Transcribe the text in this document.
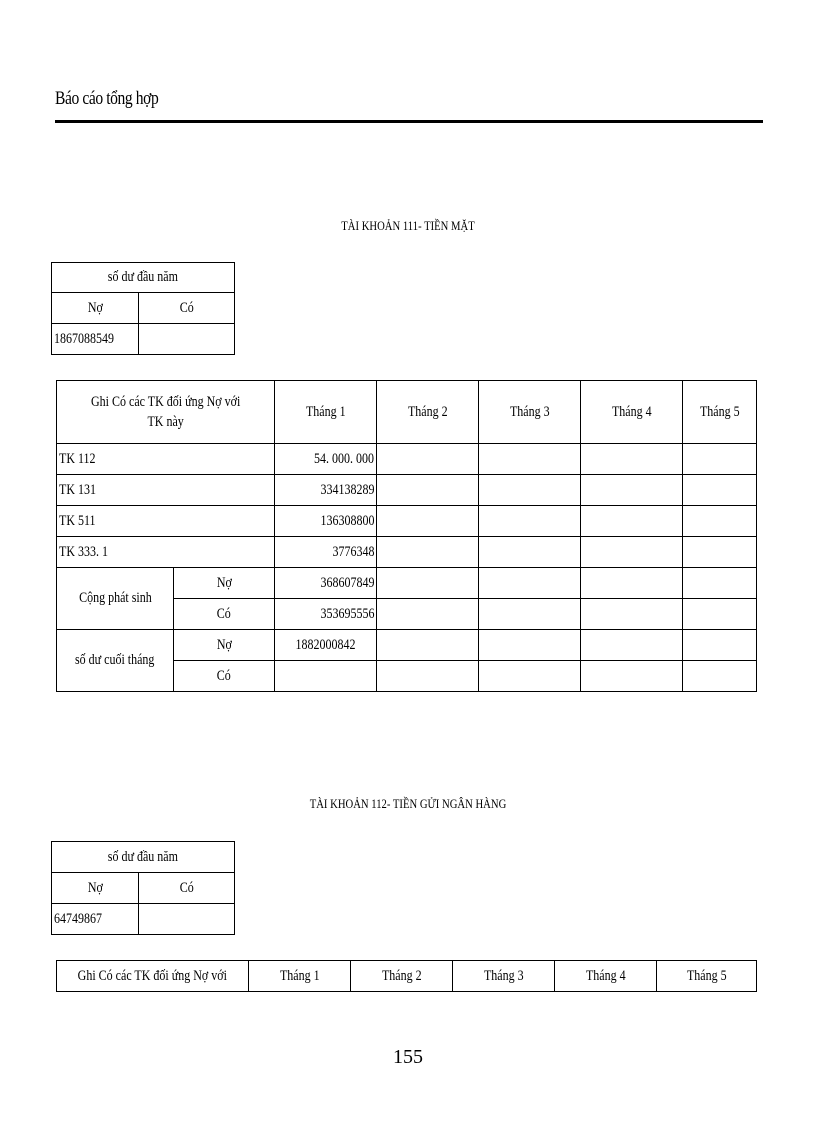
Báo cáo tổng hợp
TÀI KHOẢN 111- TIỀN MẶT
số dư đầu năm	
Nợ	Có
1867088549	
Ghi Có các TK đối ứng Nợ với
TK này		Tháng 1	Tháng 2	Tháng 3	Tháng 4	Tháng 5
TK 112		54. 000. 000				
TK 131		334138289				
TK 511		136308800				
TK 333. 1		3776348				
Cộng phát sinh	Nợ	368607849				
	Có	353695556				
số dư cuối tháng	Nợ	1882000842				
	Có					
TÀI KHOẢN 112- TIỀN GỬI NGÂN HÀNG
số dư đầu năm	
Nợ	Có
64749867	
Ghi Có các TK đối ứng Nợ với	Tháng 1	Tháng 2	Tháng 3	Tháng 4	Tháng 5
155
